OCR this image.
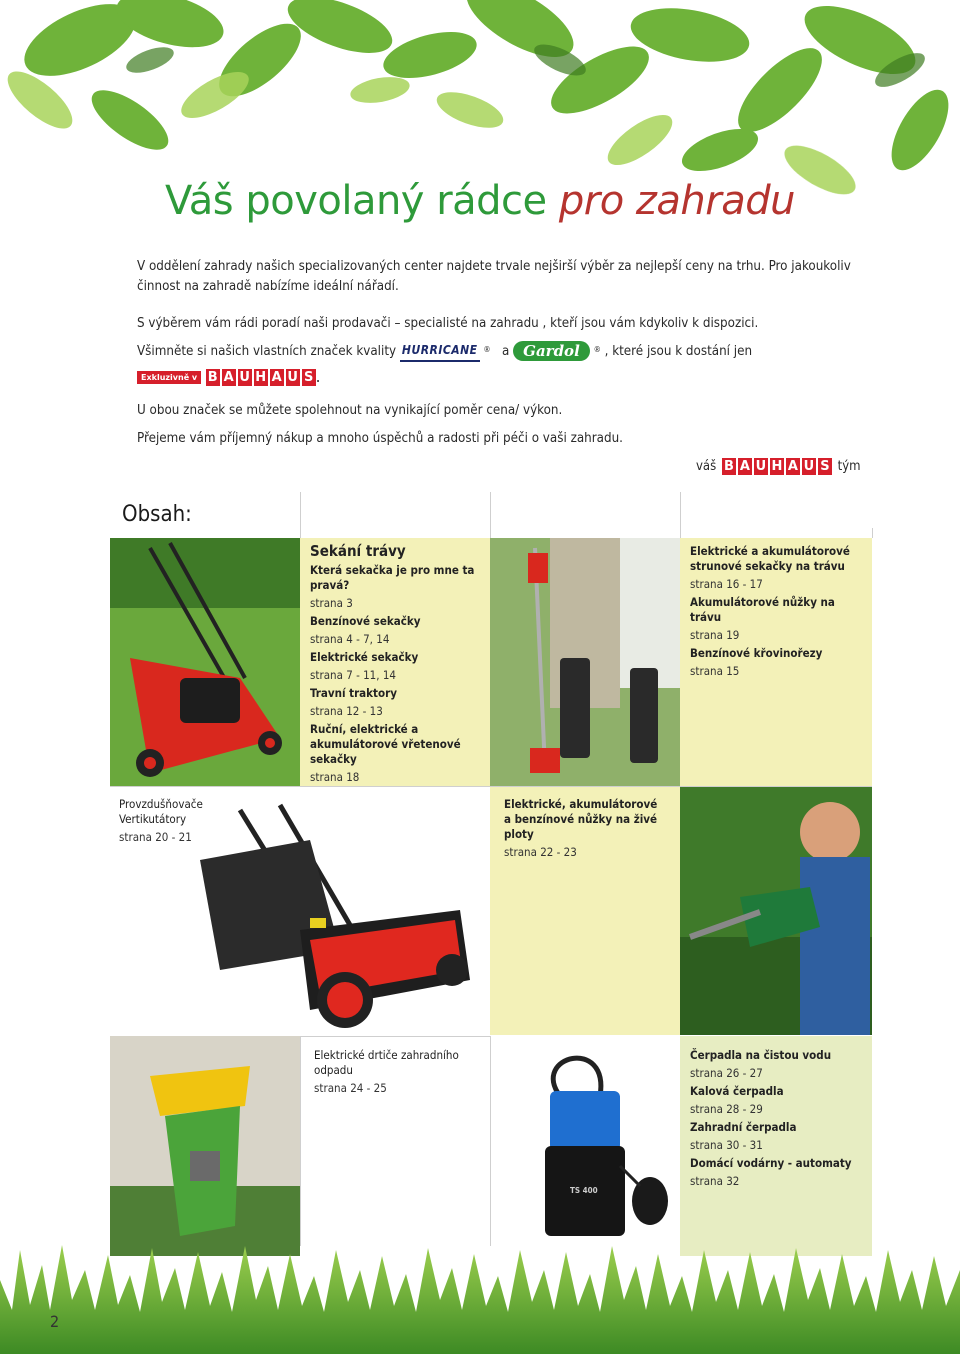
Váš povolaný rádce pro zahradu

V oddělení zahrady našich specializovaných center najdete trvale nejširší výběr za nejlepší ceny na trhu. Pro jakoukoliv činnost na zahradě nabízíme ideální nářadí.

S výběrem vám rádi poradí naši prodavači – specialisté na zahradu , kteří jsou vám kdykoliv k dispozici.

Všimněte si našich vlastních značek kvality HURRICANE ® a Gardol ® , které jsou k dostání jen
Exkluzivně v B A U H A U S .

U obou značek se můžete spolehnout na vynikající poměr cena/ výkon.

Přejeme vám příjemný nákup a mnoho úspěchů a radosti při péči o vaši zahradu.

váš B A U H A U S tým
Obsah:
Sekání trávy
Která sekačka je pro mne ta pravá?
strana 3
Benzínové sekačky
strana 4 - 7, 14
Elektrické sekačky
strana 7 - 11, 14
Travní traktory
strana 12 - 13
Ruční, elektrické a akumulátorové vřetenové sekačky
strana 18
Elektrické a akumulátorové strunové sekačky na trávu
strana 16 - 17
Akumulátorové nůžky na trávu
strana 19
Benzínové křovinořezy
strana 15
Provzdušňovače
Vertikutátory
strana 20 - 21
Elektrické, akumulátorové a benzínové nůžky na živé ploty
strana 22 - 23
Elektrické drtiče zahradního odpadu
strana 24 - 25
TS 400
Čerpadla na čistou vodu
strana 26 - 27
Kalová čerpadla
strana 28 - 29
Zahradní čerpadla
strana 30 - 31
Domácí vodárny - automaty
strana 32
2
